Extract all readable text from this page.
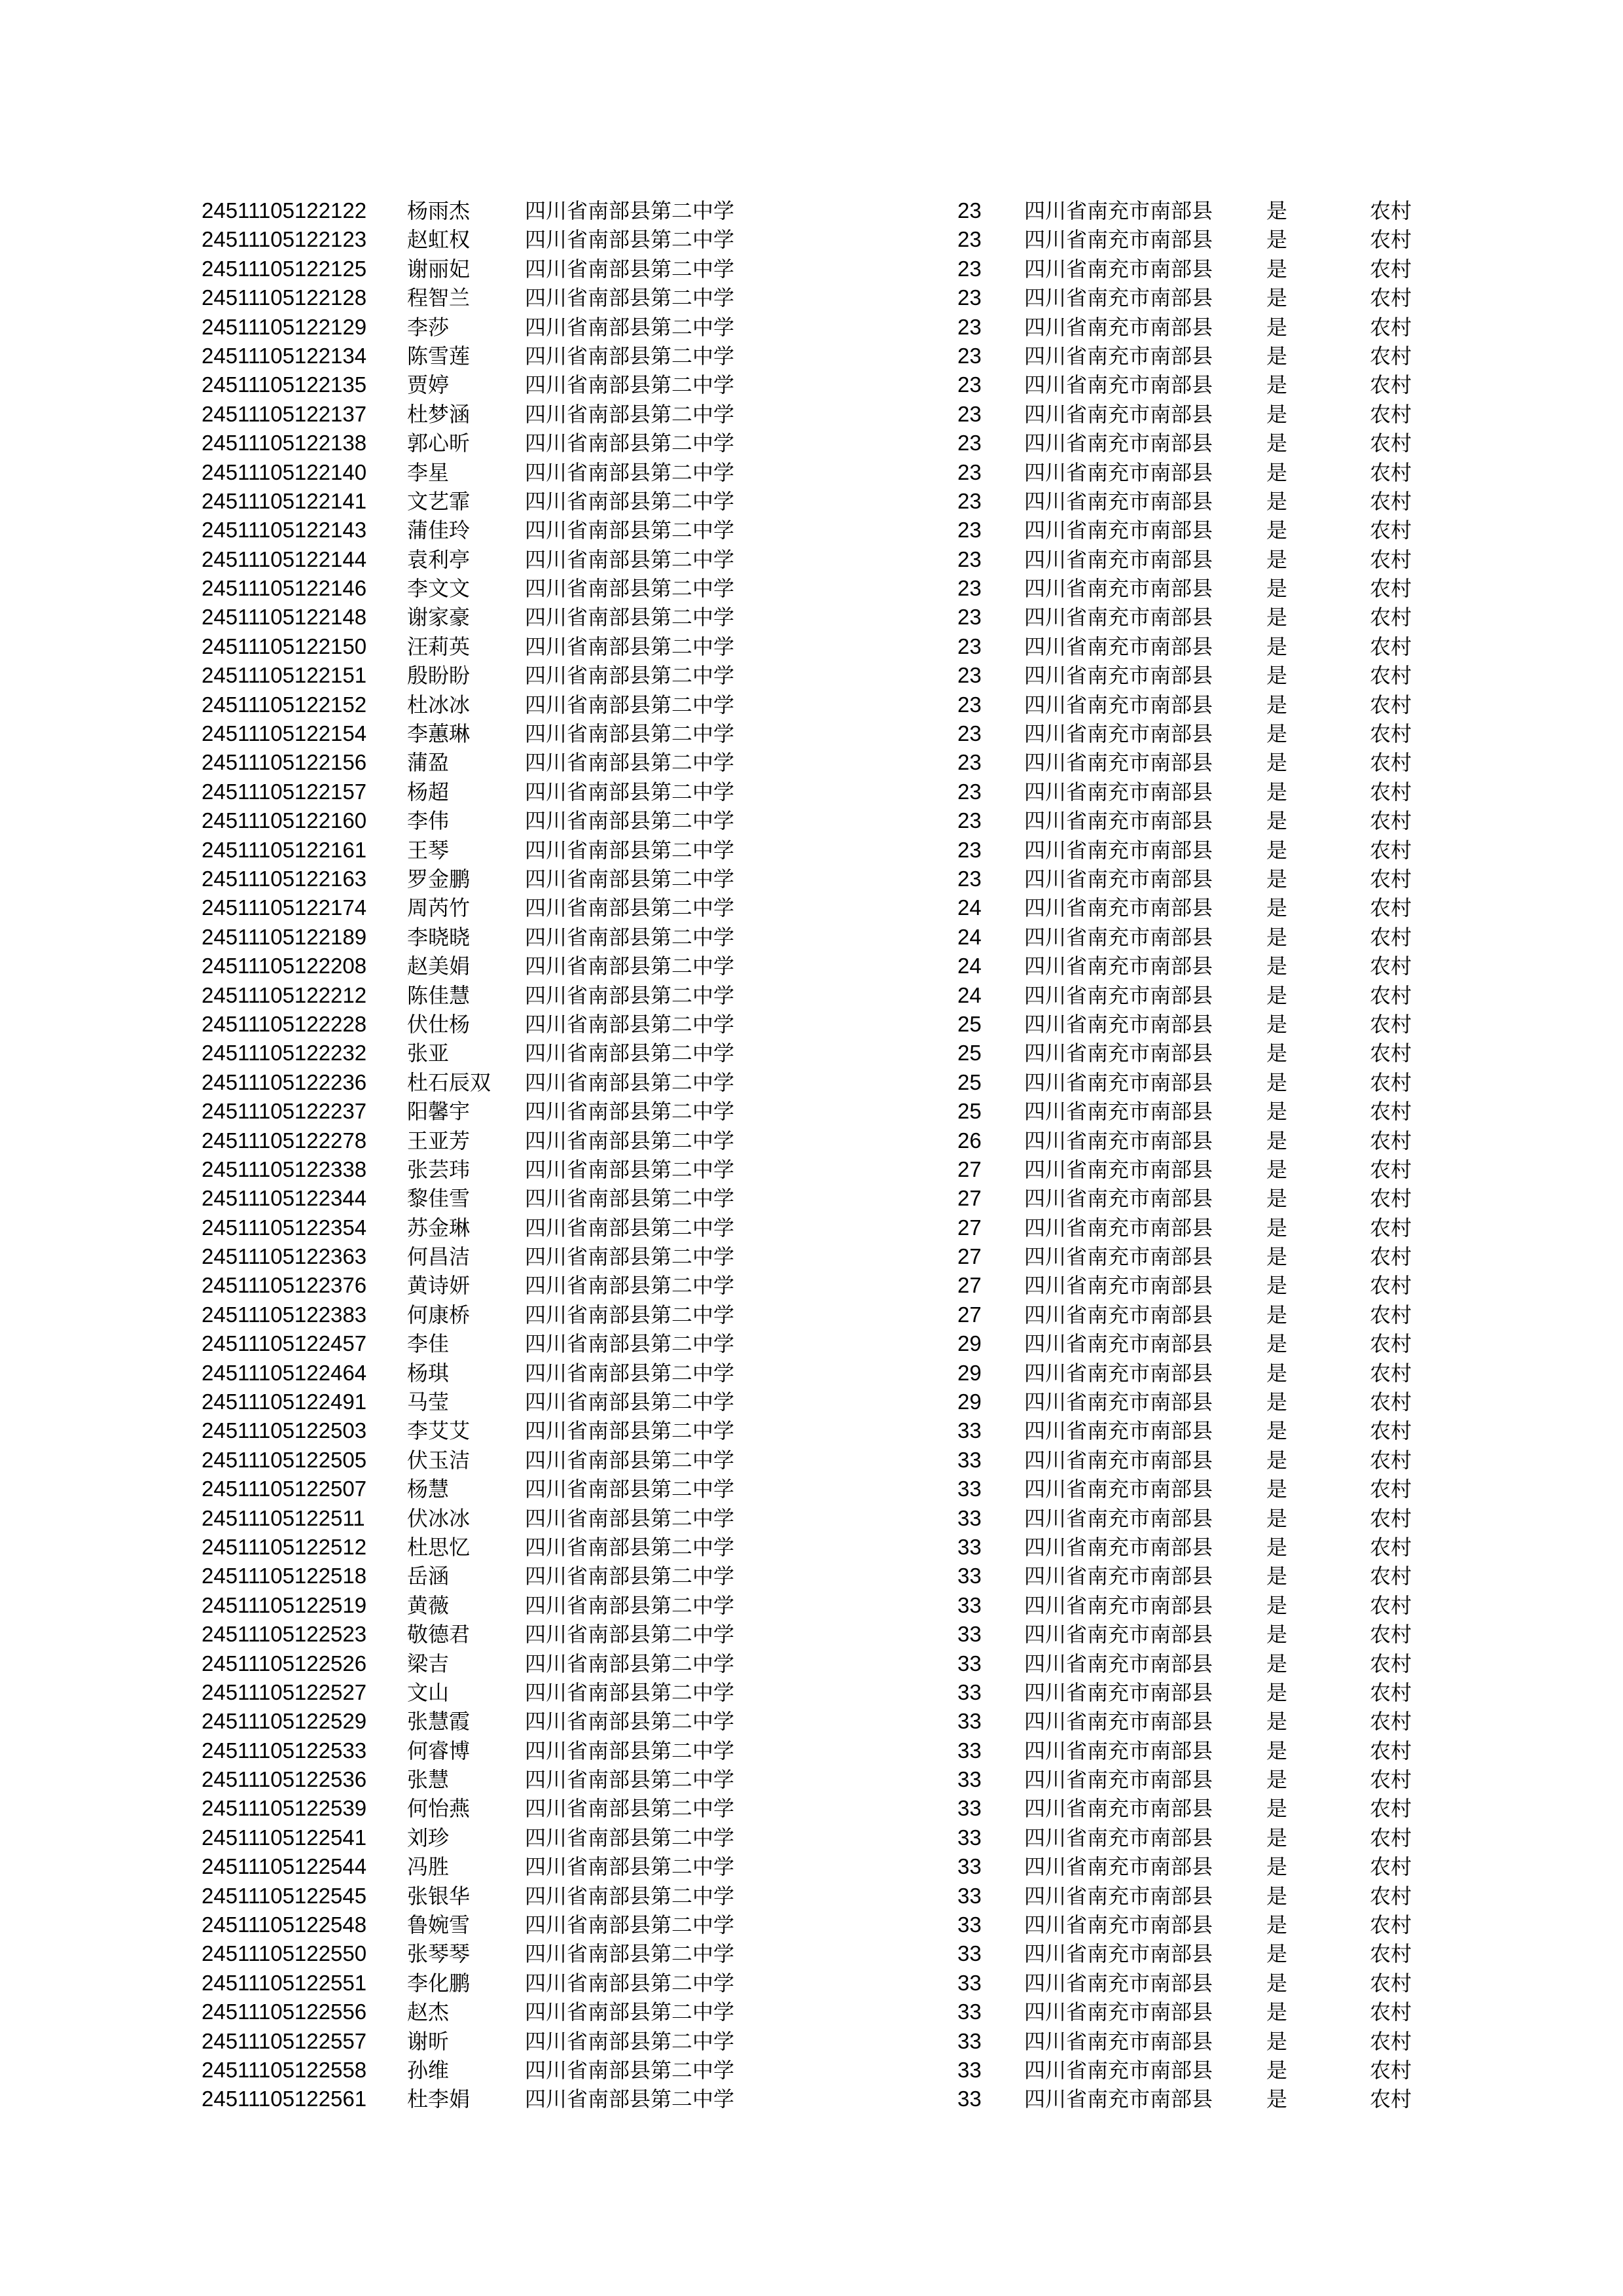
24511105122122 杨雨杰	四川省南部县第二中学	23 四川省南充市南部县	是	农村
24511105122123 赵虹权	四川省南部县第二中学	23 四川省南充市南部县	是	农村
24511105122125 谢丽妃	四川省南部县第二中学	23 四川省南充市南部县	是	农村
24511105122128 程智兰	四川省南部县第二中学	23 四川省南充市南部县	是	农村
24511105122129 李莎	四川省南部县第二中学	23 四川省南充市南部县	是	农村
24511105122134 陈雪莲	四川省南部县第二中学	23 四川省南充市南部县	是	农村
24511105122135 贾婷	四川省南部县第二中学	23 四川省南充市南部县	是	农村
24511105122137 杜梦涵	四川省南部县第二中学	23 四川省南充市南部县	是	农村
24511105122138 郭心昕	四川省南部县第二中学	23 四川省南充市南部县	是	农村
24511105122140 李星	四川省南部县第二中学	23 四川省南充市南部县	是	农村
24511105122141 文艺霏	四川省南部县第二中学	23 四川省南充市南部县	是	农村
24511105122143 蒲佳玲	四川省南部县第二中学	23 四川省南充市南部县	是	农村
24511105122144 袁利亭	四川省南部县第二中学	23 四川省南充市南部县	是	农村
24511105122146 李文文	四川省南部县第二中学	23 四川省南充市南部县	是	农村
24511105122148 谢家豪	四川省南部县第二中学	23 四川省南充市南部县	是	农村
24511105122150 汪莉英	四川省南部县第二中学	23 四川省南充市南部县	是	农村
24511105122151 殷盼盼	四川省南部县第二中学	23 四川省南充市南部县	是	农村
24511105122152 杜冰冰	四川省南部县第二中学	23 四川省南充市南部县	是	农村
24511105122154 李蕙琳	四川省南部县第二中学	23 四川省南充市南部县	是	农村
24511105122156 蒲盈	四川省南部县第二中学	23 四川省南充市南部县	是	农村
24511105122157 杨超	四川省南部县第二中学	23 四川省南充市南部县	是	农村
24511105122160 李伟	四川省南部县第二中学	23 四川省南充市南部县	是	农村
24511105122161 王琴	四川省南部县第二中学	23 四川省南充市南部县	是	农村
24511105122163 罗金鹏	四川省南部县第二中学	23 四川省南充市南部县	是	农村
24511105122174 周芮竹	四川省南部县第二中学	24 四川省南充市南部县	是	农村
24511105122189 李晓晓	四川省南部县第二中学	24 四川省南充市南部县	是	农村
24511105122208 赵美娟	四川省南部县第二中学	24 四川省南充市南部县	是	农村
24511105122212 陈佳慧	四川省南部县第二中学	24 四川省南充市南部县	是	农村
24511105122228 伏仕杨	四川省南部县第二中学	25 四川省南充市南部县	是	农村
24511105122232 张亚	四川省南部县第二中学	25 四川省南充市南部县	是	农村
24511105122236 杜石辰双 四川省南部县第二中学	25 四川省南充市南部县	是	农村
24511105122237 阳馨宇	四川省南部县第二中学	25 四川省南充市南部县	是	农村
24511105122278 王亚芳	四川省南部县第二中学	26 四川省南充市南部县	是	农村
24511105122338 张芸玮	四川省南部县第二中学	27 四川省南充市南部县	是	农村
24511105122344 黎佳雪	四川省南部县第二中学	27 四川省南充市南部县	是	农村
24511105122354 苏金琳	四川省南部县第二中学	27 四川省南充市南部县	是	农村
24511105122363 何昌洁	四川省南部县第二中学	27 四川省南充市南部县	是	农村
24511105122376 黄诗妍	四川省南部县第二中学	27 四川省南充市南部县	是	农村
24511105122383 何康桥	四川省南部县第二中学	27 四川省南充市南部县	是	农村
24511105122457 李佳	四川省南部县第二中学	29 四川省南充市南部县	是	农村
24511105122464 杨琪	四川省南部县第二中学	29 四川省南充市南部县	是	农村
24511105122491 马莹	四川省南部县第二中学	29 四川省南充市南部县	是	农村
24511105122503 李艾艾	四川省南部县第二中学	33 四川省南充市南部县	是	农村
24511105122505 伏玉洁	四川省南部县第二中学	33 四川省南充市南部县	是	农村
24511105122507 杨慧	四川省南部县第二中学	33 四川省南充市南部县	是	农村
24511105122511 伏冰冰	四川省南部县第二中学	33 四川省南充市南部县	是	农村
24511105122512 杜思忆	四川省南部县第二中学	33 四川省南充市南部县	是	农村
24511105122518 岳涵	四川省南部县第二中学	33 四川省南充市南部县	是	农村
24511105122519 黄薇	四川省南部县第二中学	33 四川省南充市南部县	是	农村
24511105122523 敬德君	四川省南部县第二中学	33 四川省南充市南部县	是	农村
24511105122526 梁吉	四川省南部县第二中学	33 四川省南充市南部县	是	农村
24511105122527 文山	四川省南部县第二中学	33 四川省南充市南部县	是	农村
24511105122529 张慧霞	四川省南部县第二中学	33 四川省南充市南部县	是	农村
24511105122533 何睿博	四川省南部县第二中学	33 四川省南充市南部县	是	农村
24511105122536 张慧	四川省南部县第二中学	33 四川省南充市南部县	是	农村
24511105122539 何怡燕	四川省南部县第二中学	33 四川省南充市南部县	是	农村
24511105122541 刘珍	四川省南部县第二中学	33 四川省南充市南部县	是	农村
24511105122544 冯胜	四川省南部县第二中学	33 四川省南充市南部县	是	农村
24511105122545 张银华	四川省南部县第二中学	33 四川省南充市南部县	是	农村
24511105122548 鲁婉雪	四川省南部县第二中学	33 四川省南充市南部县	是	农村
24511105122550 张琴琴	四川省南部县第二中学	33 四川省南充市南部县	是	农村
24511105122551 李化鹏	四川省南部县第二中学	33 四川省南充市南部县	是	农村
24511105122556 赵杰	四川省南部县第二中学	33 四川省南充市南部县	是	农村
24511105122557 谢昕	四川省南部县第二中学	33 四川省南充市南部县	是	农村
24511105122558 孙维	四川省南部县第二中学	33 四川省南充市南部县	是	农村
24511105122561 杜李娟	四川省南部县第二中学	33 四川省南充市南部县	是	农村
